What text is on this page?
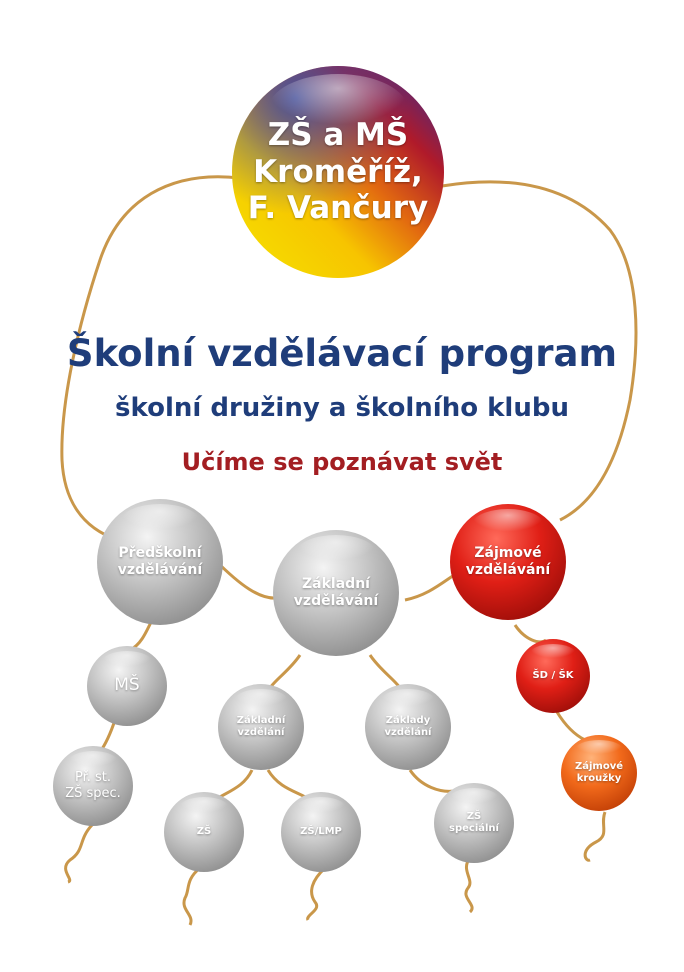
ZŠ a MŠ
Kroměříž,
F. Vančury
Školní vzdělávací program
školní družiny a školního klubu
Učíme se poznávat svět
Předškolní
vzdělávání
Základní
vzdělávání
Zájmové
vzdělávání
MŠ
Př. st.
ZŠ spec.
Základní
vzdělání
Základy
vzdělání
ZŠ	ZŠ/LMP
ZŠ
speciální
ŠD / ŠK
Zájmové
kroužky
